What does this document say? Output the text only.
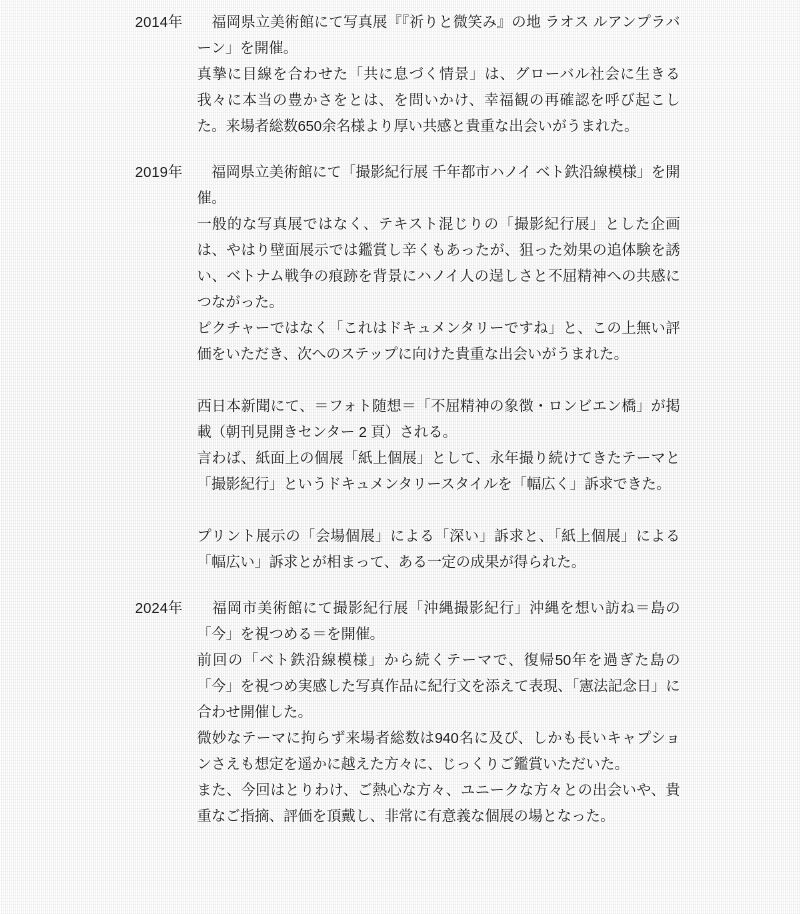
2014年 　福岡県立美術館にて写真展『『祈りと微笑み』の地 ラオス ルアンプラバーン」を開催。

真摯に目線を合わせた「共に息づく情景」は、グローバル社会に生きる我々に本当の豊かさをとは、を問いかけ、幸福観の再確認を呼び起こした。来場者総数650余名様より厚い共感と貴重な出会いがうまれた。

2019年 　福岡県立美術館にて「撮影紀行展 千年都市ハノイ ベト鉄沿線模様」を開催。

一般的な写真展ではなく、テキスト混じりの「撮影紀行展」とした企画は、やはり壁面展示では鑑賞し辛くもあったが、狙った効果の追体験を誘い、ベトナム戦争の痕跡を背景にハノイ人の逞しさと不屈精神への共感につながった。

ピクチャーではなく「これはドキュメンタリーですね」と、この上無い評価をいただき、次へのステップに向けた貴重な出会いがうまれた。

西日本新聞にて、＝フォト随想＝「不屈精神の象徴・ロンビエン橋」が掲載（朝刊見開きセンター 2 頁）される。

言わば、紙面上の個展「紙上個展」として、永年撮り続けてきたテーマと「撮影紀行」というドキュメンタリースタイルを「幅広く」訴求できた。

プリント展示の「会場個展」による「深い」訴求と、「紙上個展」による「幅広い」訴求とが相まって、ある一定の成果が得られた。

2024年 　福岡市美術館にて撮影紀行展「沖縄撮影紀行」沖縄を想い訪ね＝島の「今」を視つめる＝を開催。

前回の「ベト鉄沿線模様」から続くテーマで、復帰50年を過ぎた島の「今」を視つめ実感した写真作品に紀行文を添えて表現、「憲法記念日」に合わせ開催した。

微妙なテーマに拘らず来場者総数は940名に及び、しかも長いキャプションさえも想定を遥かに越えた方々に、じっくりご鑑賞いただいた。

また、今回はとりわけ、ご熱心な方々、ユニークな方々との出会いや、貴重なご指摘、評価を頂戴し、非常に有意義な個展の場となった。
